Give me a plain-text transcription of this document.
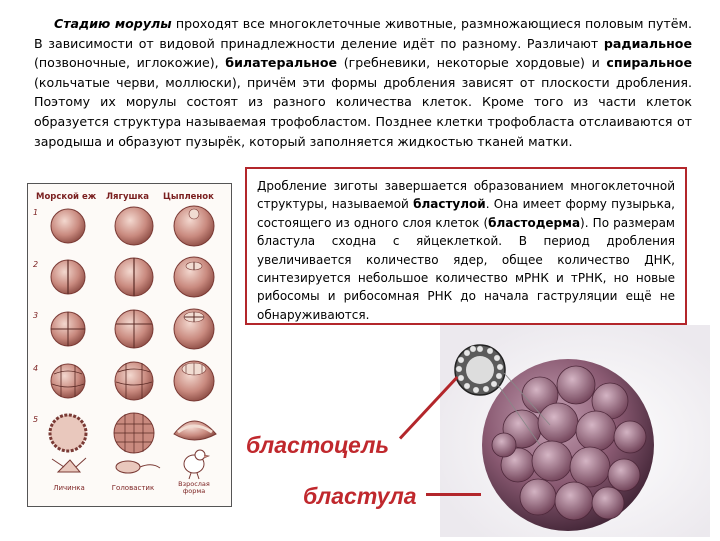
Стадию морулы проходят все многоклеточные животные, размножающиеся половым путём. В зависимости от видовой принадлежности деление идёт по разному. Различают радиальное (позвоночные, иглокожие), билатеральное (гребневики, некоторые хордовые) и спиральное (кольчатые черви, моллюски), причём эти формы дробления зависят от плоскости дробления. Поэтому их морулы состоят из разного количества клеток. Кроме того из части клеток образуется структура называемая трофобластом. Позднее клетки трофобласта отслаиваются от зародыша и образуют пузырёк, который заполняется жидкостью тканей матки.

Морской еж Лягушка Цыпленок
1
2
3
4
5
Личинка	Головастик	Взрослая форма
Дробление зиготы завершается образованием многоклеточной структуры, называемой бластулой. Она имеет форму пузырька, состоящего из одного слоя клеток (бластодерма). По размерам бластула сходна с яйцеклеткой. В период дробления увеличивается количество ядер, общее количество ДНК, синтезируется небольшое количество мРНК и тРНК, но новые рибосомы и рибосомная РНК до начала гаструляции ещё не обнаруживаются.
бластоцель
бластула
